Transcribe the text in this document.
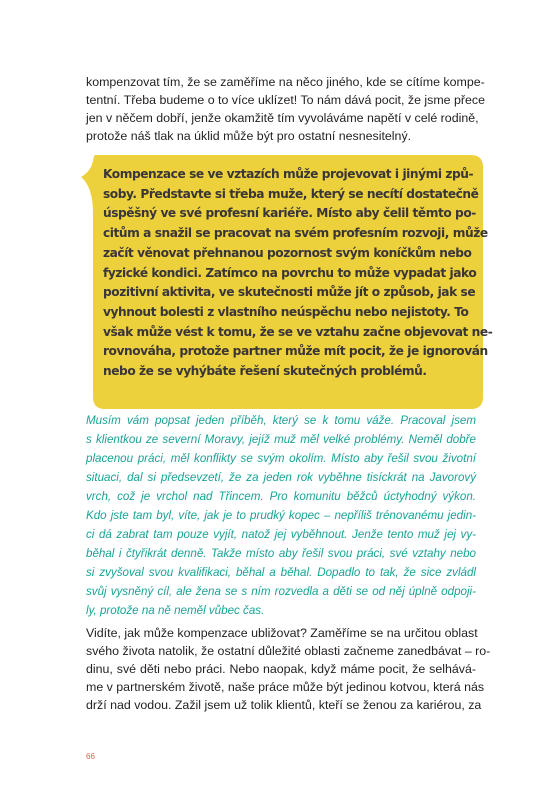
kompenzovat tím, že se zaměříme na něco jiného, kde se cítíme kompe-
tentní. Třeba budeme o to více uklízet! To nám dává pocit, že jsme přece
jen v něčem dobří, jenže okamžitě tím vyvoláváme napětí v celé rodině,
protože náš tlak na úklid může být pro ostatní nesnesitelný.

Kompenzace se ve vztazích může projevovat i jinými způ-
soby. Představte si třeba muže, který se necítí dostatečně
úspěšný ve své profesní kariéře. Místo aby čelil těmto po-
citům a snažil se pracovat na svém profesním rozvoji, může
začít věnovat přehnanou pozornost svým koníčkům nebo
fyzické kondici. Zatímco na povrchu to může vypadat jako
pozitivní aktivita, ve skutečnosti může jít o způsob, jak se
vyhnout bolesti z vlastního neúspěchu nebo nejistoty. To
však může vést k tomu, že se ve vztahu začne objevovat ne-
rovnováha, protože partner může mít pocit, že je ignorován
nebo že se vyhýbáte řešení skutečných problémů.

Musím vám popsat jeden příběh, který se k tomu váže. Pracoval jsem
s klientkou ze severní Moravy, jejíž muž měl velké problémy. Neměl dobře
placenou práci, měl konflikty se svým okolím. Místo aby řešil svou životní
situaci, dal si předsevzetí, že za jeden rok vyběhne tisíckrát na Javorový
vrch, což je vrchol nad Třincem. Pro komunitu běžců úctyhodný výkon.
Kdo jste tam byl, víte, jak je to prudký kopec – nepříliš trénovanému jedin-
ci dá zabrat tam pouze vyjít, natož jej vyběhnout. Jenže tento muž jej vy-
běhal i čtyřikrát denně. Takže místo aby řešil svou práci, své vztahy nebo
si zvyšoval svou kvalifikaci, běhal a běhal. Dopadlo to tak, že sice zvládl
svůj vysněný cíl, ale žena se s ním rozvedla a děti se od něj úplně odpoji-
ly, protože na ně neměl vůbec čas.

Vidíte, jak může kompenzace ubližovat? Zaměříme se na určitou oblast
svého života natolik, že ostatní důležité oblasti začneme zanedbávat – ro-
dinu, své děti nebo práci. Nebo naopak, když máme pocit, že selhává-
me v partnerském životě, naše práce může být jedinou kotvou, která nás
drží nad vodou. Zažil jsem už tolik klientů, kteří se ženou za kariérou, za

66
